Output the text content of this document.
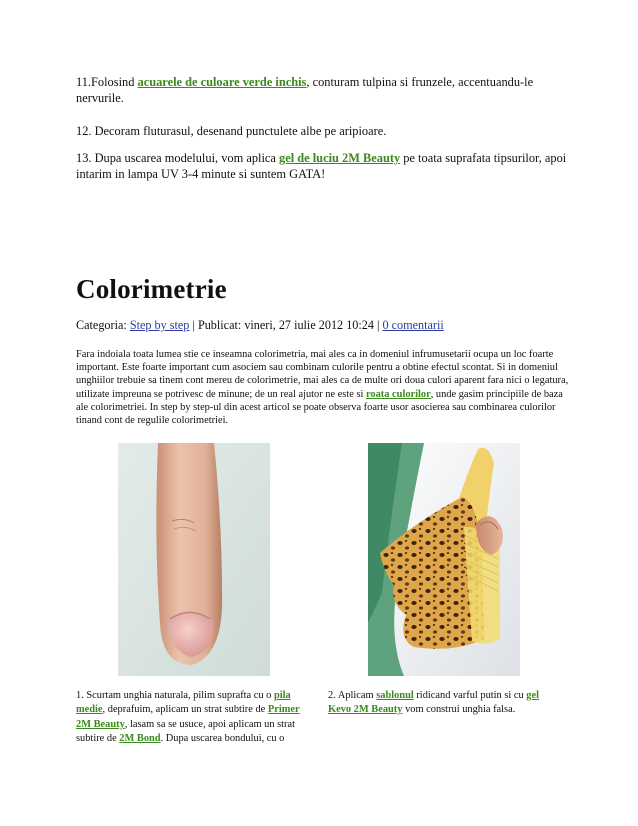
11.Folosind acuarele de culoare verde inchis, conturam tulpina si frunzele, accentuandu-le nervurile.
12. Decoram fluturasul, desenand punctulete albe pe aripioare.
13. Dupa uscarea modelului, vom aplica gel de luciu 2M Beauty pe toata suprafata tipsurilor, apoi intarim in lampa UV 3-4 minute si suntem GATA!
Colorimetrie
Categoria: Step by step | Publicat: vineri, 27 iulie 2012 10:24 | 0 comentarii
Fara indoiala toata lumea stie ce inseamna colorimetria, mai ales ca in domeniul infrumusetarii ocupa un loc foarte important. Este foarte important cum asociem sau combinam culorile pentru a obtine efectul scontat. Si in domeniul unghiilor trebuie sa tinem cont mereu de colorimetrie, mai ales ca de multe ori doua culori aparent fara nici o legatura, utilizate impreuna se potrivesc de minune; de un real ajutor ne este si roata culorilor, unde gasim principiile de baza ale colorimetriei. In step by step-ul din acest articol se poate observa foarte usor asocierea sau combinarea culorilor tinand cont de regulile colorimetriei.
1. Scurtam unghia naturala, pilim suprafta cu o pila medie, deprafuim, aplicam un strat subtire de Primer 2M Beauty, lasam sa se usuce, apoi aplicam un strat subtire de 2M Bond. Dupa uscarea bondului, cu o
2. Aplicam sablonul ridicand varful putin si cu gel Kevo 2M Beauty vom construi unghia falsa.
